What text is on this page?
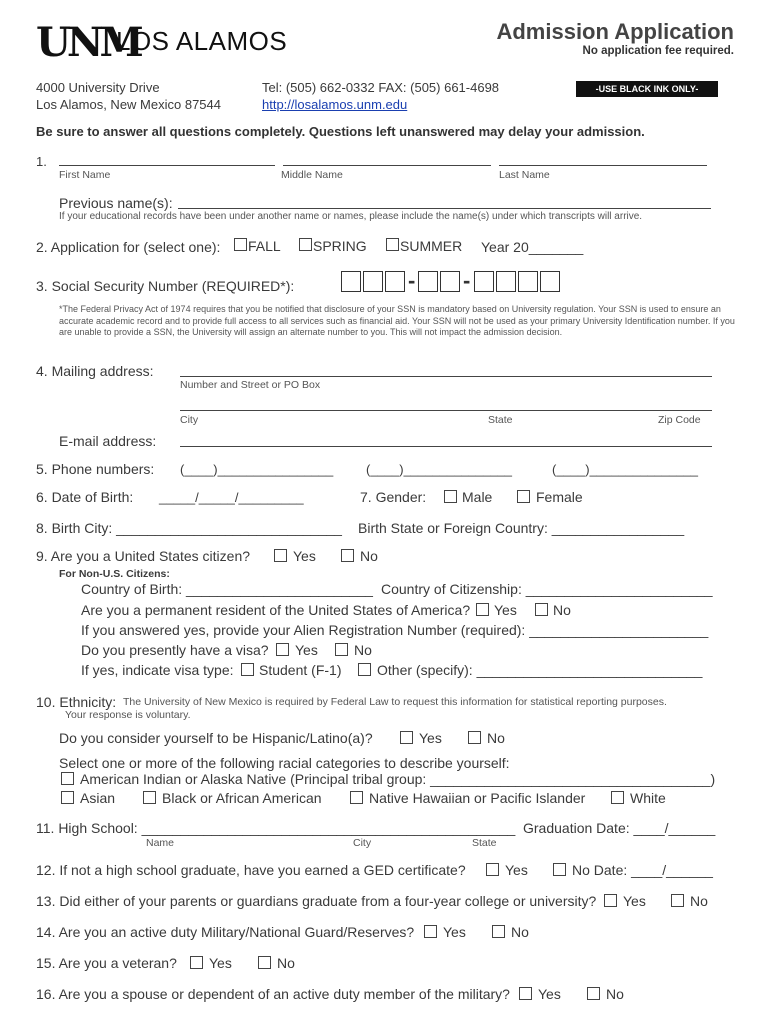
UNM
LOS ALAMOS	Admission Application
No application fee required.
4000 University Drive
Los Alamos, New Mexico 87544
Tel: (505) 662-0332 FAX: (505) 661-4698
http://losalamos.unm.edu
-USE BLACK INK ONLY-
Be sure to answer all questions completely. Questions left unanswered may delay your admission.
1.
First Name	Middle Name	Last Name
Previous name(s):
If your educational records have been under another name or names, please include the name(s) under which transcripts will arrive.
2. Application for (select one): FALL SPRING SUMMER Year 20_______
3. Social Security Number (REQUIRED*):	- -
*The Federal Privacy Act of 1974 requires that you be notified that disclosure of your SSN is mandatory based on University regulation. Your SSN is used to ensure an accurate academic record and to provide full access to all services such as financial aid. Your SSN will not be used as your primary University Identification number. If you are unable to provide a SSN, the University will assign an alternate number to you. This will not impact the admission decision.
4. Mailing address:
Number and Street or PO Box
City	State	Zip Code
E-mail address:
5. Phone numbers: (____)________________	(____)_______________	(____)_______________
6. Date of Birth: _____/_____/_________	7. Gender:	Male	Female
8. Birth City: _____________________________ Birth State or Foreign Country: _________________
9. Are you a United States citizen?	Yes	No
For Non-U.S. Citizens:
Country of Birth: ________________________ Country of Citizenship: ________________________
Are you a permanent resident of the United States of America? Yes	No
If you answered yes, provide your Alien Registration Number (required): _______________________
Do you presently have a visa? Yes	No
If yes, indicate visa type: Student (F-1)	Other (specify): _____________________________
10. Ethnicity: The University of New Mexico is required by Federal Law to request this information for statistical reporting purposes.
Your response is voluntary.
Do you consider yourself to be Hispanic/Latino(a)?	Yes	No
Select one or more of the following racial categories to describe yourself:
American Indian or Alaska Native (Principal tribal group: ____________________________________)
Asian	Black or African American	Native Hawaiian or Pacific Islander	White
11. High School: ________________________________________________ Graduation Date: ____/______
Name	City	State
12. If not a high school graduate, have you earned a GED certificate?	Yes	No Date: ____/______
13. Did either of your parents or guardians graduate from a four-year college or university? Yes	No
14. Are you an active duty Military/National Guard/Reserves? Yes	No
15. Are you a veteran? Yes	No
16. Are you a spouse or dependent of an active duty member of the military? Yes	No
